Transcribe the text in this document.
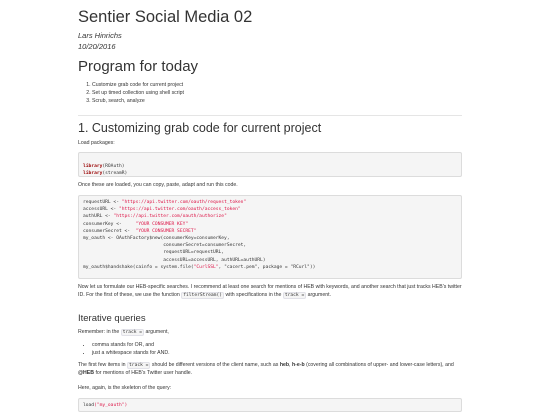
Sentier Social Media 02
Lars Hinrichs
10/20/2016
Program for today
1. Customize grab code for current project
2. Set up timed collection using shell script
3. Scrub, search, analyze
1. Customizing grab code for current project

Load packages:

library(ROAuth)
library(streamR)

Once these are loaded, you can copy, paste, adapt and run this code.

requestURL <- "https://api.twitter.com/oauth/request_token"
accessURL <- "https://api.twitter.com/oauth/access_token"
authURL <- "https://api.twitter.com/oauth/authorize"
consumerKey <-     "YOUR CONSUMER KEY"
consumerSecret <-  "YOUR CONSUMER SECRET"
my_oauth <- OAuthFactory$new(consumerKey=consumerKey,
consumerSecret=consumerSecret,
requestURL=requestURL,
accessURL=accessURL, authURL=authURL)
my_oauth$handshake(cainfo = system.file("CurlSSL", "cacert.pem", package = "RCurl"))

Now let us formulate our HEB-specific searches. I recommend at least one search for mentions of HEB with keywords, and another search that just tracks HEB's twitter ID. For the first of these, we use the function filterStream() with specifications in the track = argument.

Iterative queries

Remember: in the track = argument,

• comma stands for OR, and
• just a whitespace stands for AND.

The first few items in track = should be different versions of the client name, such as heb, h-e-b (covering all combinations of upper- and lower-case letters), and @HEB for mentions of HEB's Twitter user handle.

Here, again, is the skeleton of the query:

load("my_oauth")
